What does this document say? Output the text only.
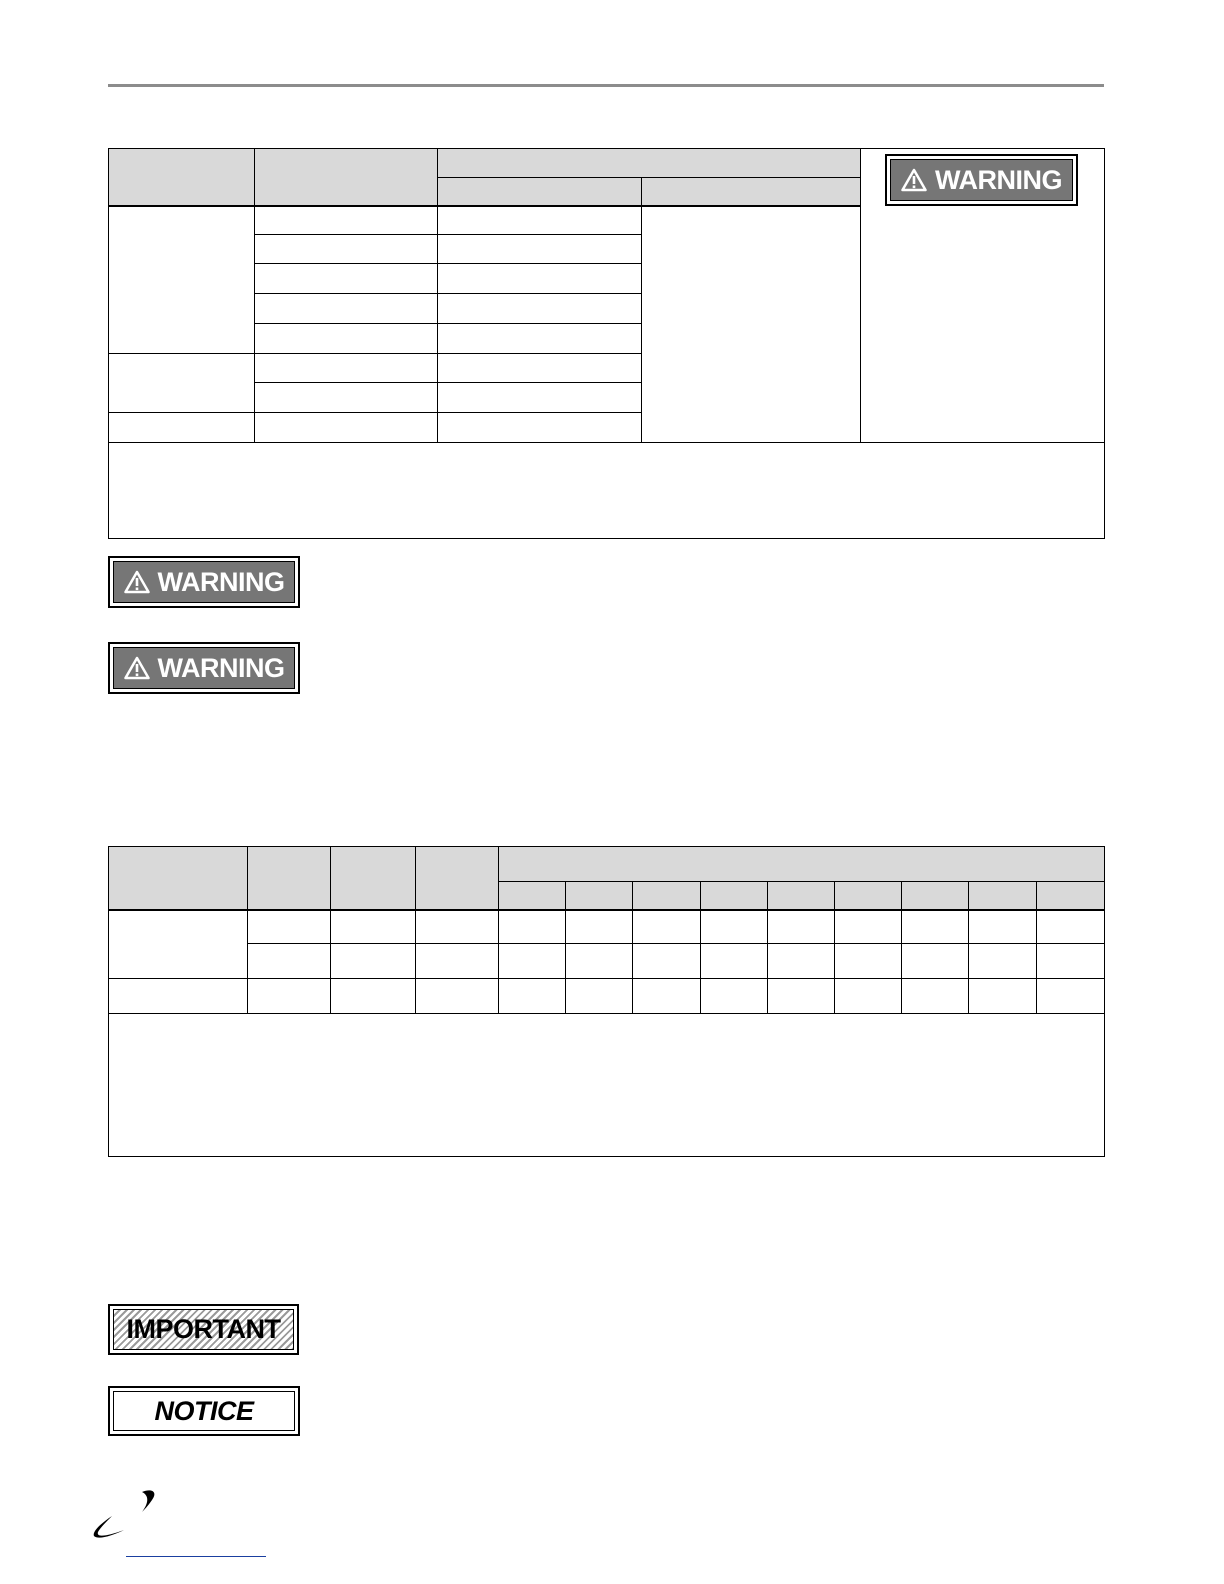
				WARNING

WARNING
WARNING

IMPORTANT
NOTICE
